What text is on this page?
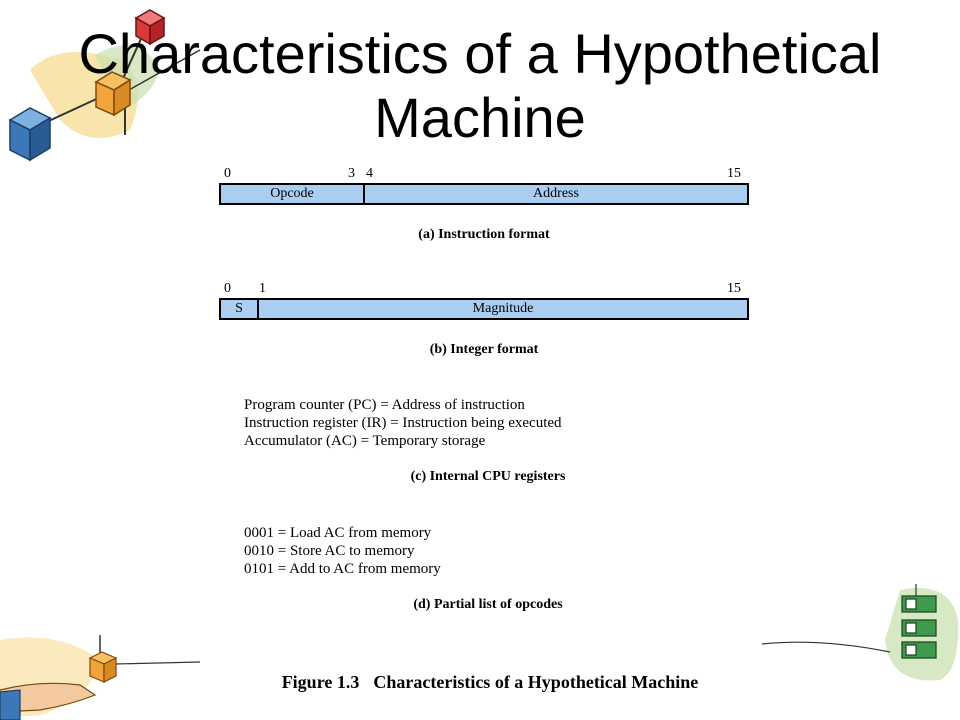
Characteristics of a Hypothetical
Machine
0	3 4	15
Opcode	Address
(a) Instruction format
0 1	15
S	Magnitude
(b) Integer format
Program counter (PC) = Address of instruction
Instruction register (IR) = Instruction being executed
Accumulator (AC) = Temporary storage
(c) Internal CPU registers
0001 = Load AC from memory
0010 = Store AC to memory
0101 = Add to AC from memory
(d) Partial list of opcodes
Figure 1.3 Characteristics of a Hypothetical Machine
